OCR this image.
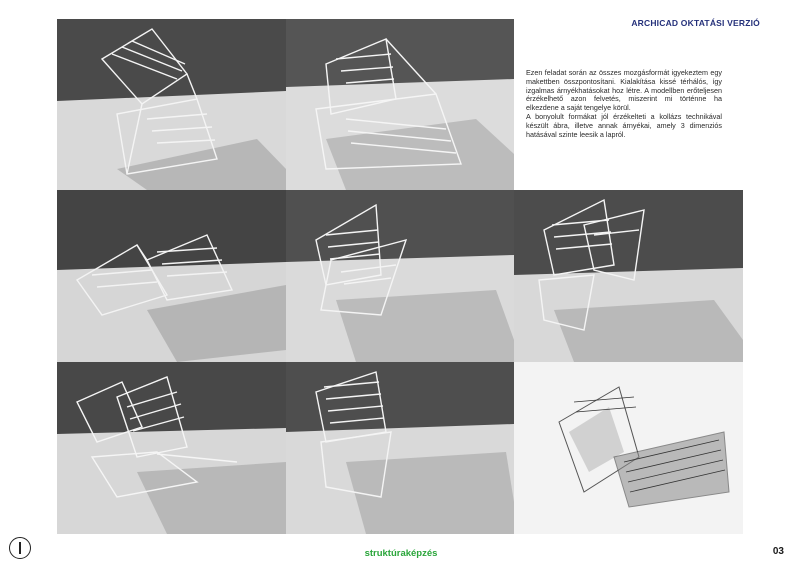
ARCHICAD OKTATÁSI VERZIÓ

Ezen feladat során az összes mozgásformát igyekeztem egy makettben összpontosítani. Kialakítása kissé térhálós, így izgalmas árnyékhatásokat hoz létre. A modellben erőteljesen érzékelhető azon felvetés, miszerint mi történne ha elkezdene a saját tengelye körül.

A bonyolult formákat jól érzékelteti a kollázs technikával készült ábra, illetve annak árnyékai, amely 3 dimenziós hatásával szinte leesik a lapról.

struktúraképzés	03
